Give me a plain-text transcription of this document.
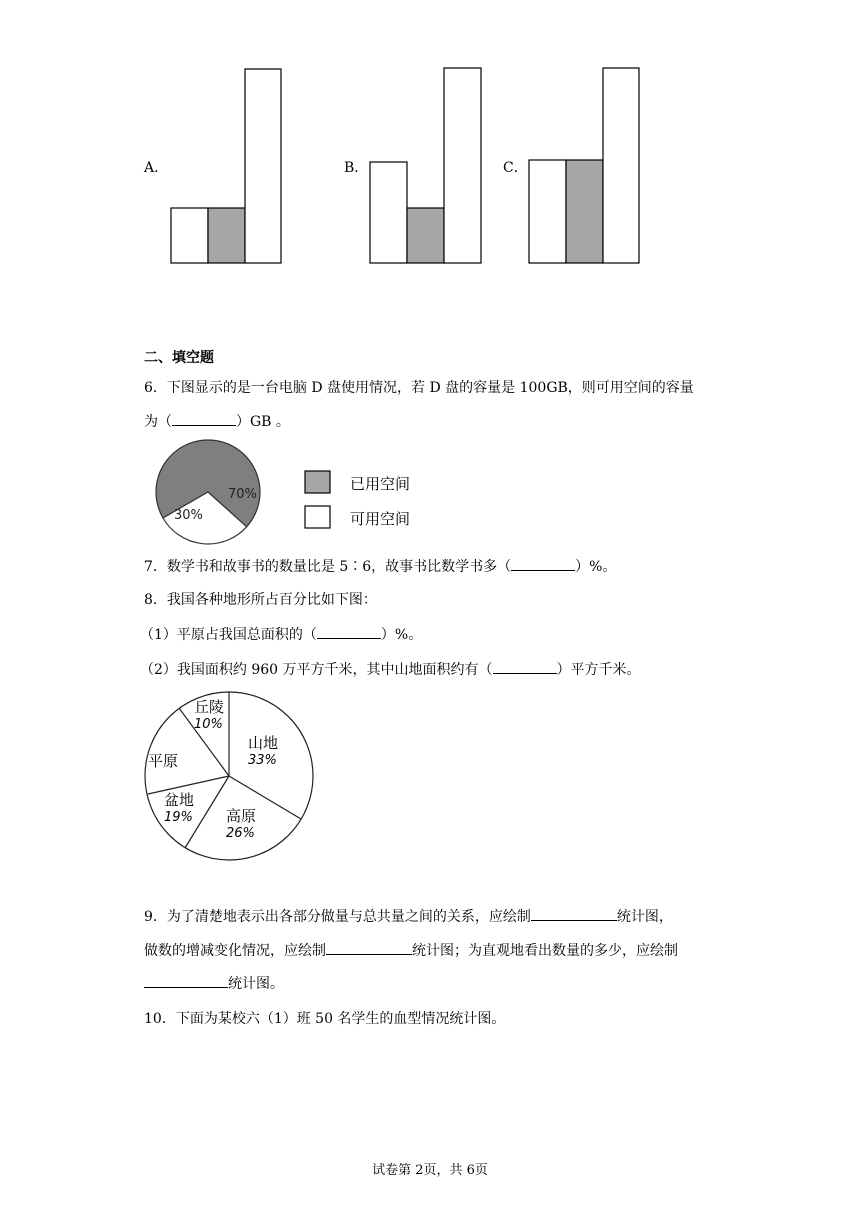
A．	B．	C．
二、填空题
6．下图显示的是一台电脑 D 盘使用情况，若 D 盘的容量是 100GB，则可用空间的容量
为（	）GB 。
70%
30%
已用空间
可用空间
7．数学书和故事书的数量比是 5∶6，故事书比数学书多（	）%。
8．我国各种地形所占百分比如下图：
（1）平原占我国总面积的（	）%。
（2）我国面积约 960 万平方千米，其中山地面积约有（	）平方千米。
山地
33%
高原
26%
盆地
19%
平原
丘陵
10%
9．为了清楚地表示出各部分做量与总共量之间的关系，应绘制	统计图，
做数的增减变化情况，应绘制	统计图；为直观地看出数量的多少，应绘制
统计图。
10．下面为某校六（1）班 50 名学生的血型情况统计图。
试卷第 2页，共 6页
